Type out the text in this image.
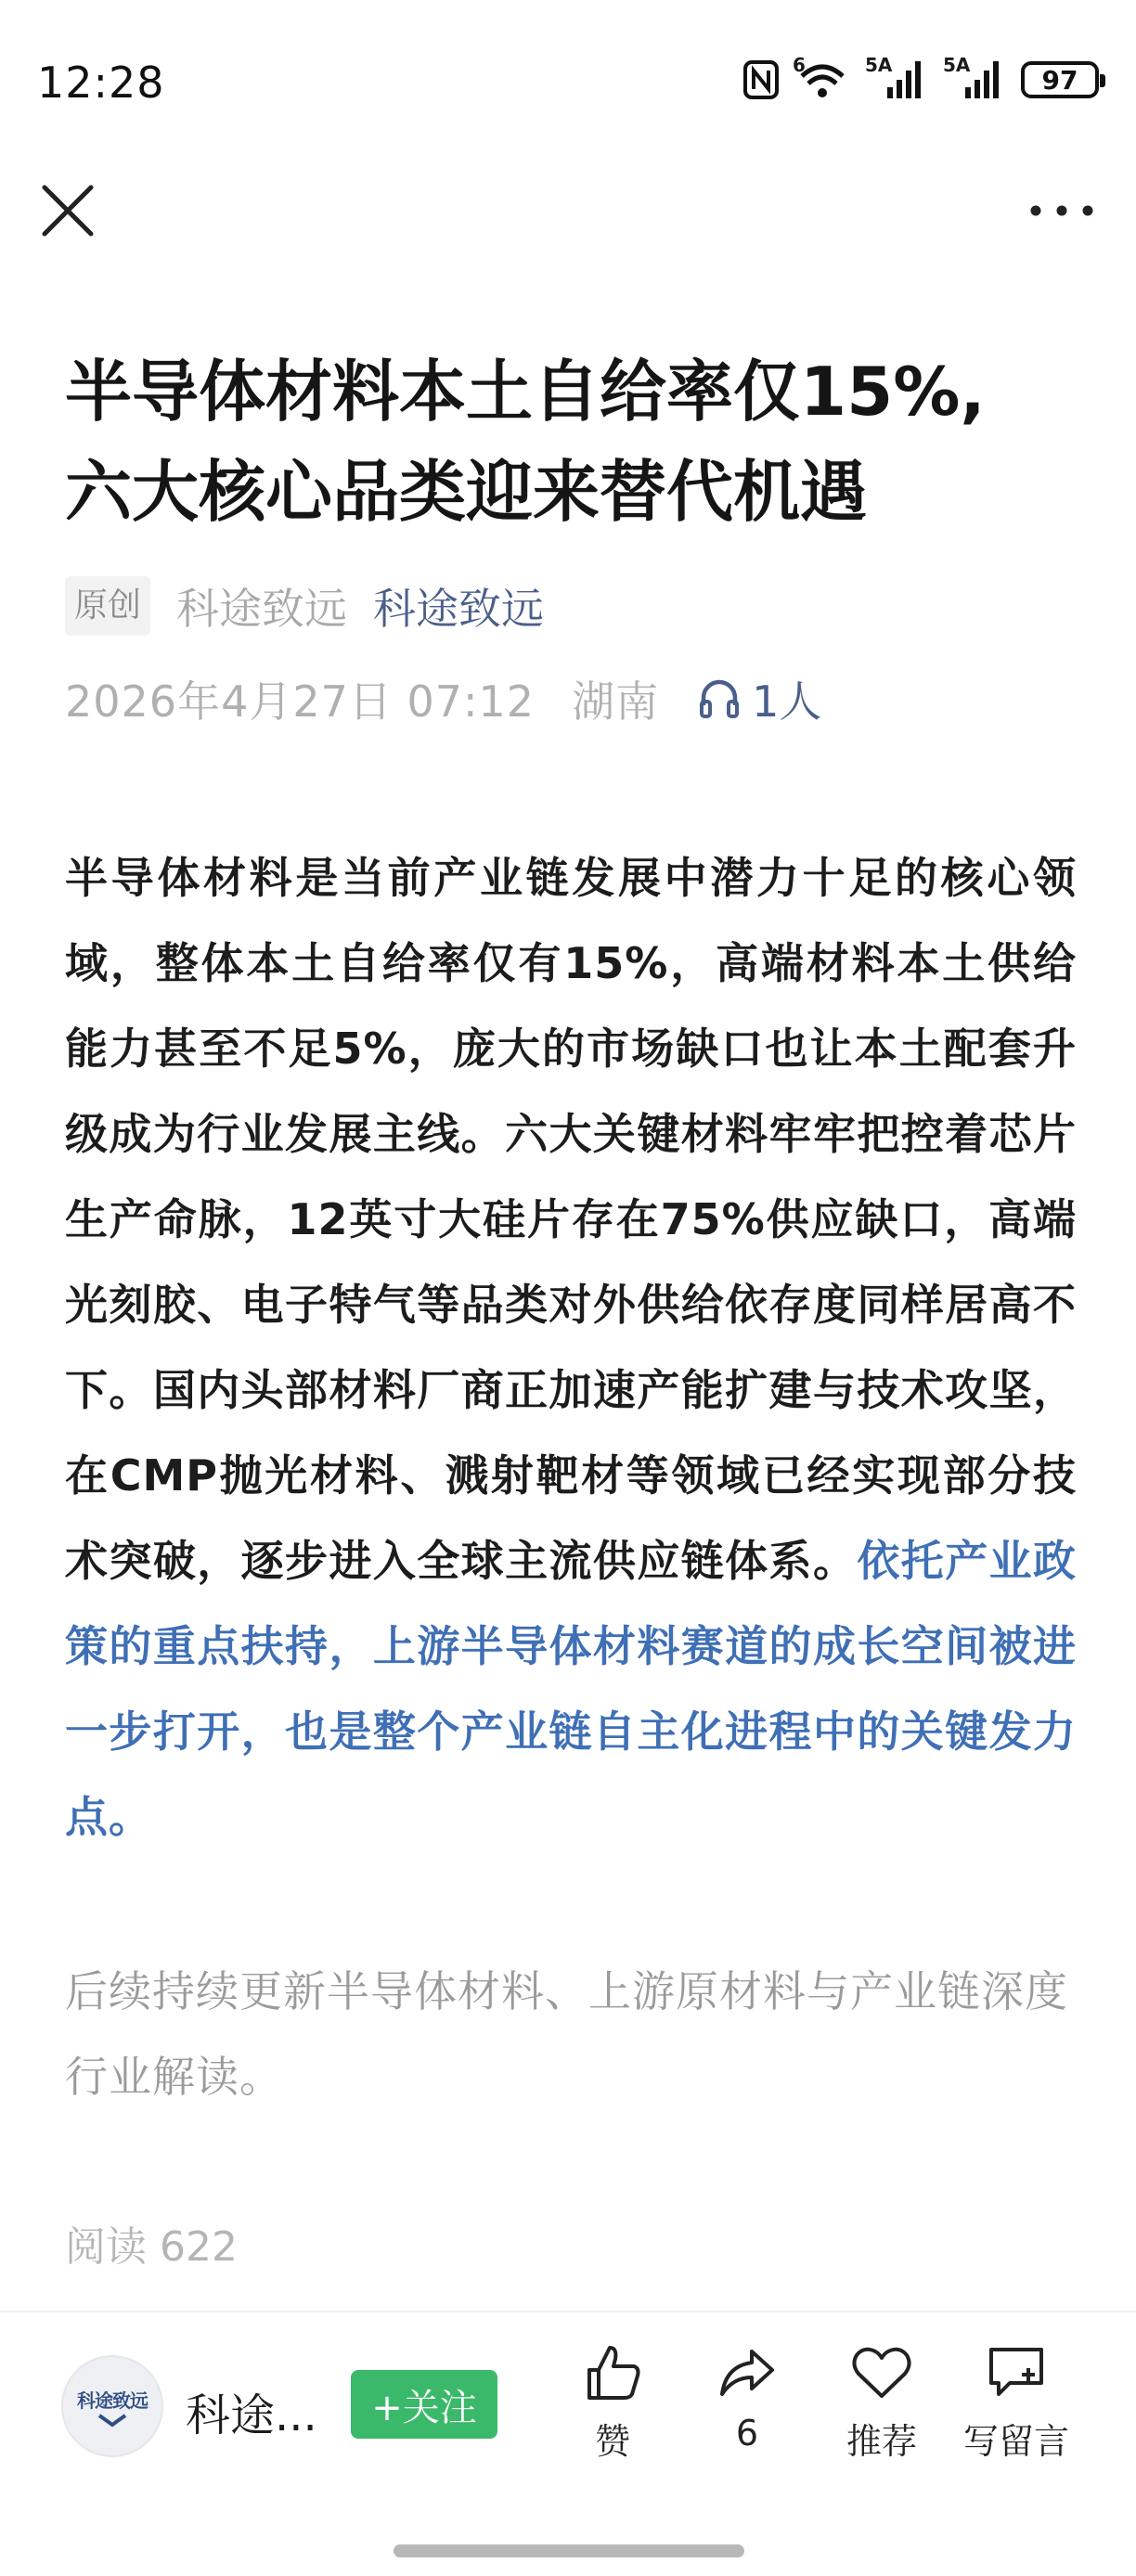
12:28	6	5A	5A	97
半导体材料本土自给率仅15%,
六大核心品类迎来替代机遇
原创 科途致远 科途致远
2026年4月27日 07:12 湖南 1人
半导体材料是当前产业链发展中潜力十足的核心领域，整体本土自给率仅有15%，高端材料本土供给能力甚至不足5%，庞大的市场缺口也让本土配套升级成为行业发展主线。六大关键材料牢牢把控着芯片生产命脉，12英寸大硅片存在75%供应缺口，高端光刻胶、电子特气等品类对外供给依存度同样居高不下。国内头部材料厂商正加速产能扩建与技术攻坚，在CMP抛光材料、溅射靶材等领域已经实现部分技术突破，逐步进入全球主流供应链体系。依托产业政策的重点扶持，上游半导体材料赛道的成长空间被进一步打开，也是整个产业链自主化进程中的关键发力点。
后续持续更新半导体材料、上游原材料与产业链深度行业解读。
阅读 622
科途致远 科途...	+关注
赞	6 推荐 写留言
